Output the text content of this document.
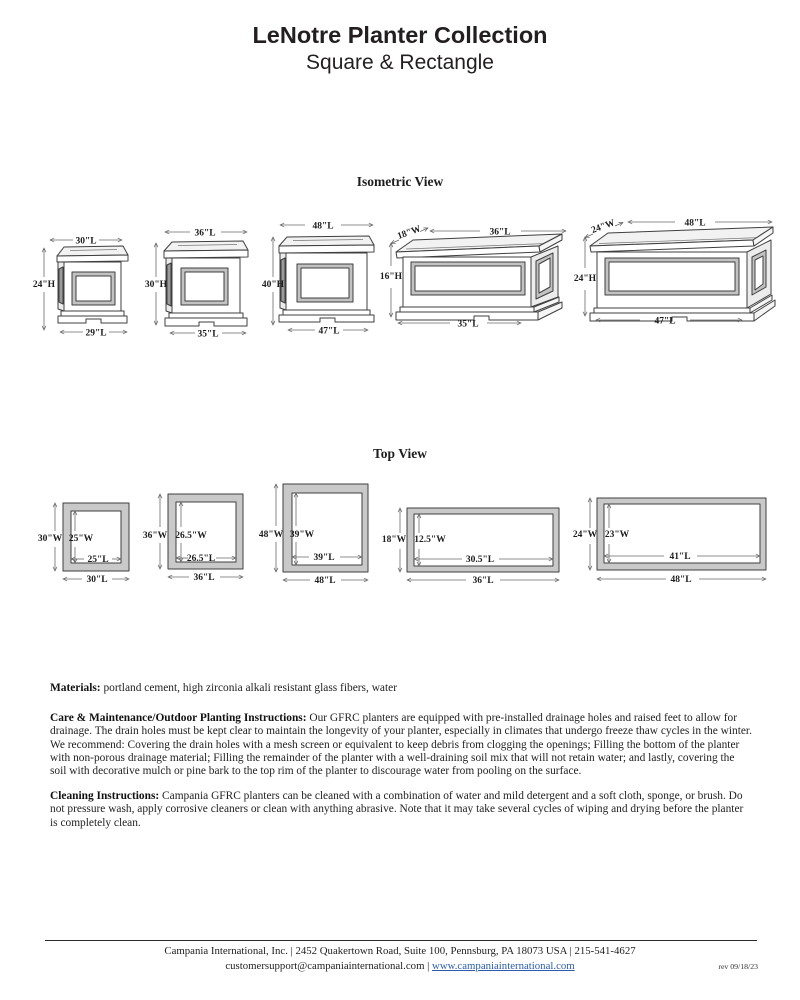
LeNotre Planter Collection
Square & Rectangle
Isometric View
Top View
30"L
24"H
29"L
36"L
30"H
35"L
48"L
40"H
47"L
36"L
18"W
16"H
35"L
48"L
24"W
24"H
47"L
30"W 25"W
25"L
30"L
36"W 26.5"W
26.5"L
36"L
48"W 39"W
39"L
48"L
18"W 12.5"W
30.5"L
36"L
24"W 23"W
41"L
48"L

Materials: portland cement, high zirconia alkali resistant glass fibers, water

Care & Maintenance/Outdoor Planting Instructions: Our GFRC planters are equipped with pre-installed drainage holes and raised feet to allow for drainage. The drain holes must be kept clear to maintain the longevity of your planter, especially in climates that undergo freeze thaw cycles in the winter. We recommend: Covering the drain holes with a mesh screen or equivalent to keep debris from clogging the openings; Filling the bottom of the planter with non-porous drainage material; Filling the remainder of the planter with a well-draining soil mix that will not retain water; and lastly, covering the soil with decorative mulch or pine bark to the top rim of the planter to discourage water from pooling on the surface.

Cleaning Instructions: Campania GFRC planters can be cleaned with a combination of water and mild detergent and a soft cloth, sponge, or brush. Do not pressure wash, apply corrosive cleaners or clean with anything abrasive. Note that it may take several cycles of wiping and drying before the planter is completely clean.

Campania International, Inc. | 2452 Quakertown Road, Suite 100, Pennsburg, PA 18073 USA | 215-541-4627
customersupport@campaniainternational.com | www.campaniainternational.com	rev 09/18/23
